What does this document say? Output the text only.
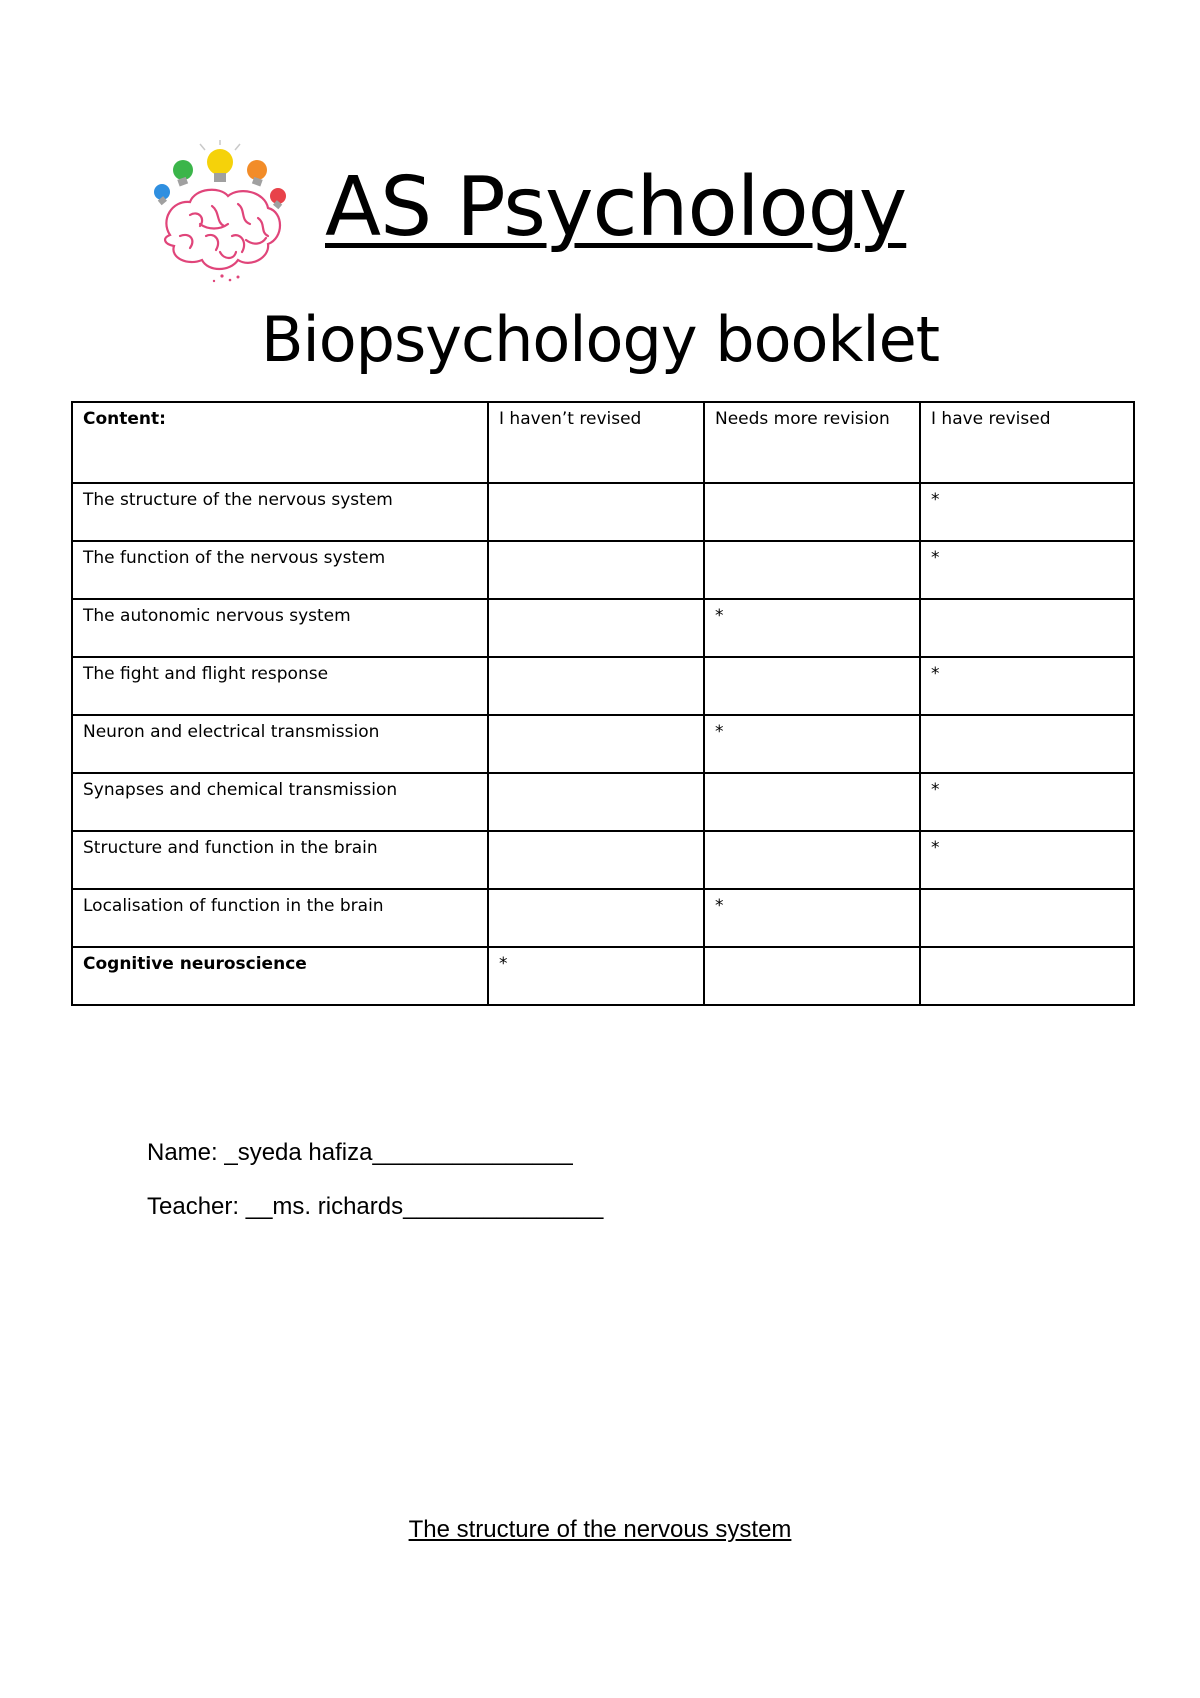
AS Psychology
Biopsychology booklet
Content:	I haven’t revised	Needs more revision	I have revised
The structure of the nervous system			*
The function of the nervous system			*
The autonomic nervous system		*	
The fight and flight response			*
Neuron and electrical transmission		*	
Synapses and chemical transmission			*
Structure and function in the brain			*
Localisation of function in the brain		*	
Cognitive neuroscience	*		
Name: _syeda hafiza_______________
Teacher: __ms. richards_______________
The structure of the nervous system
